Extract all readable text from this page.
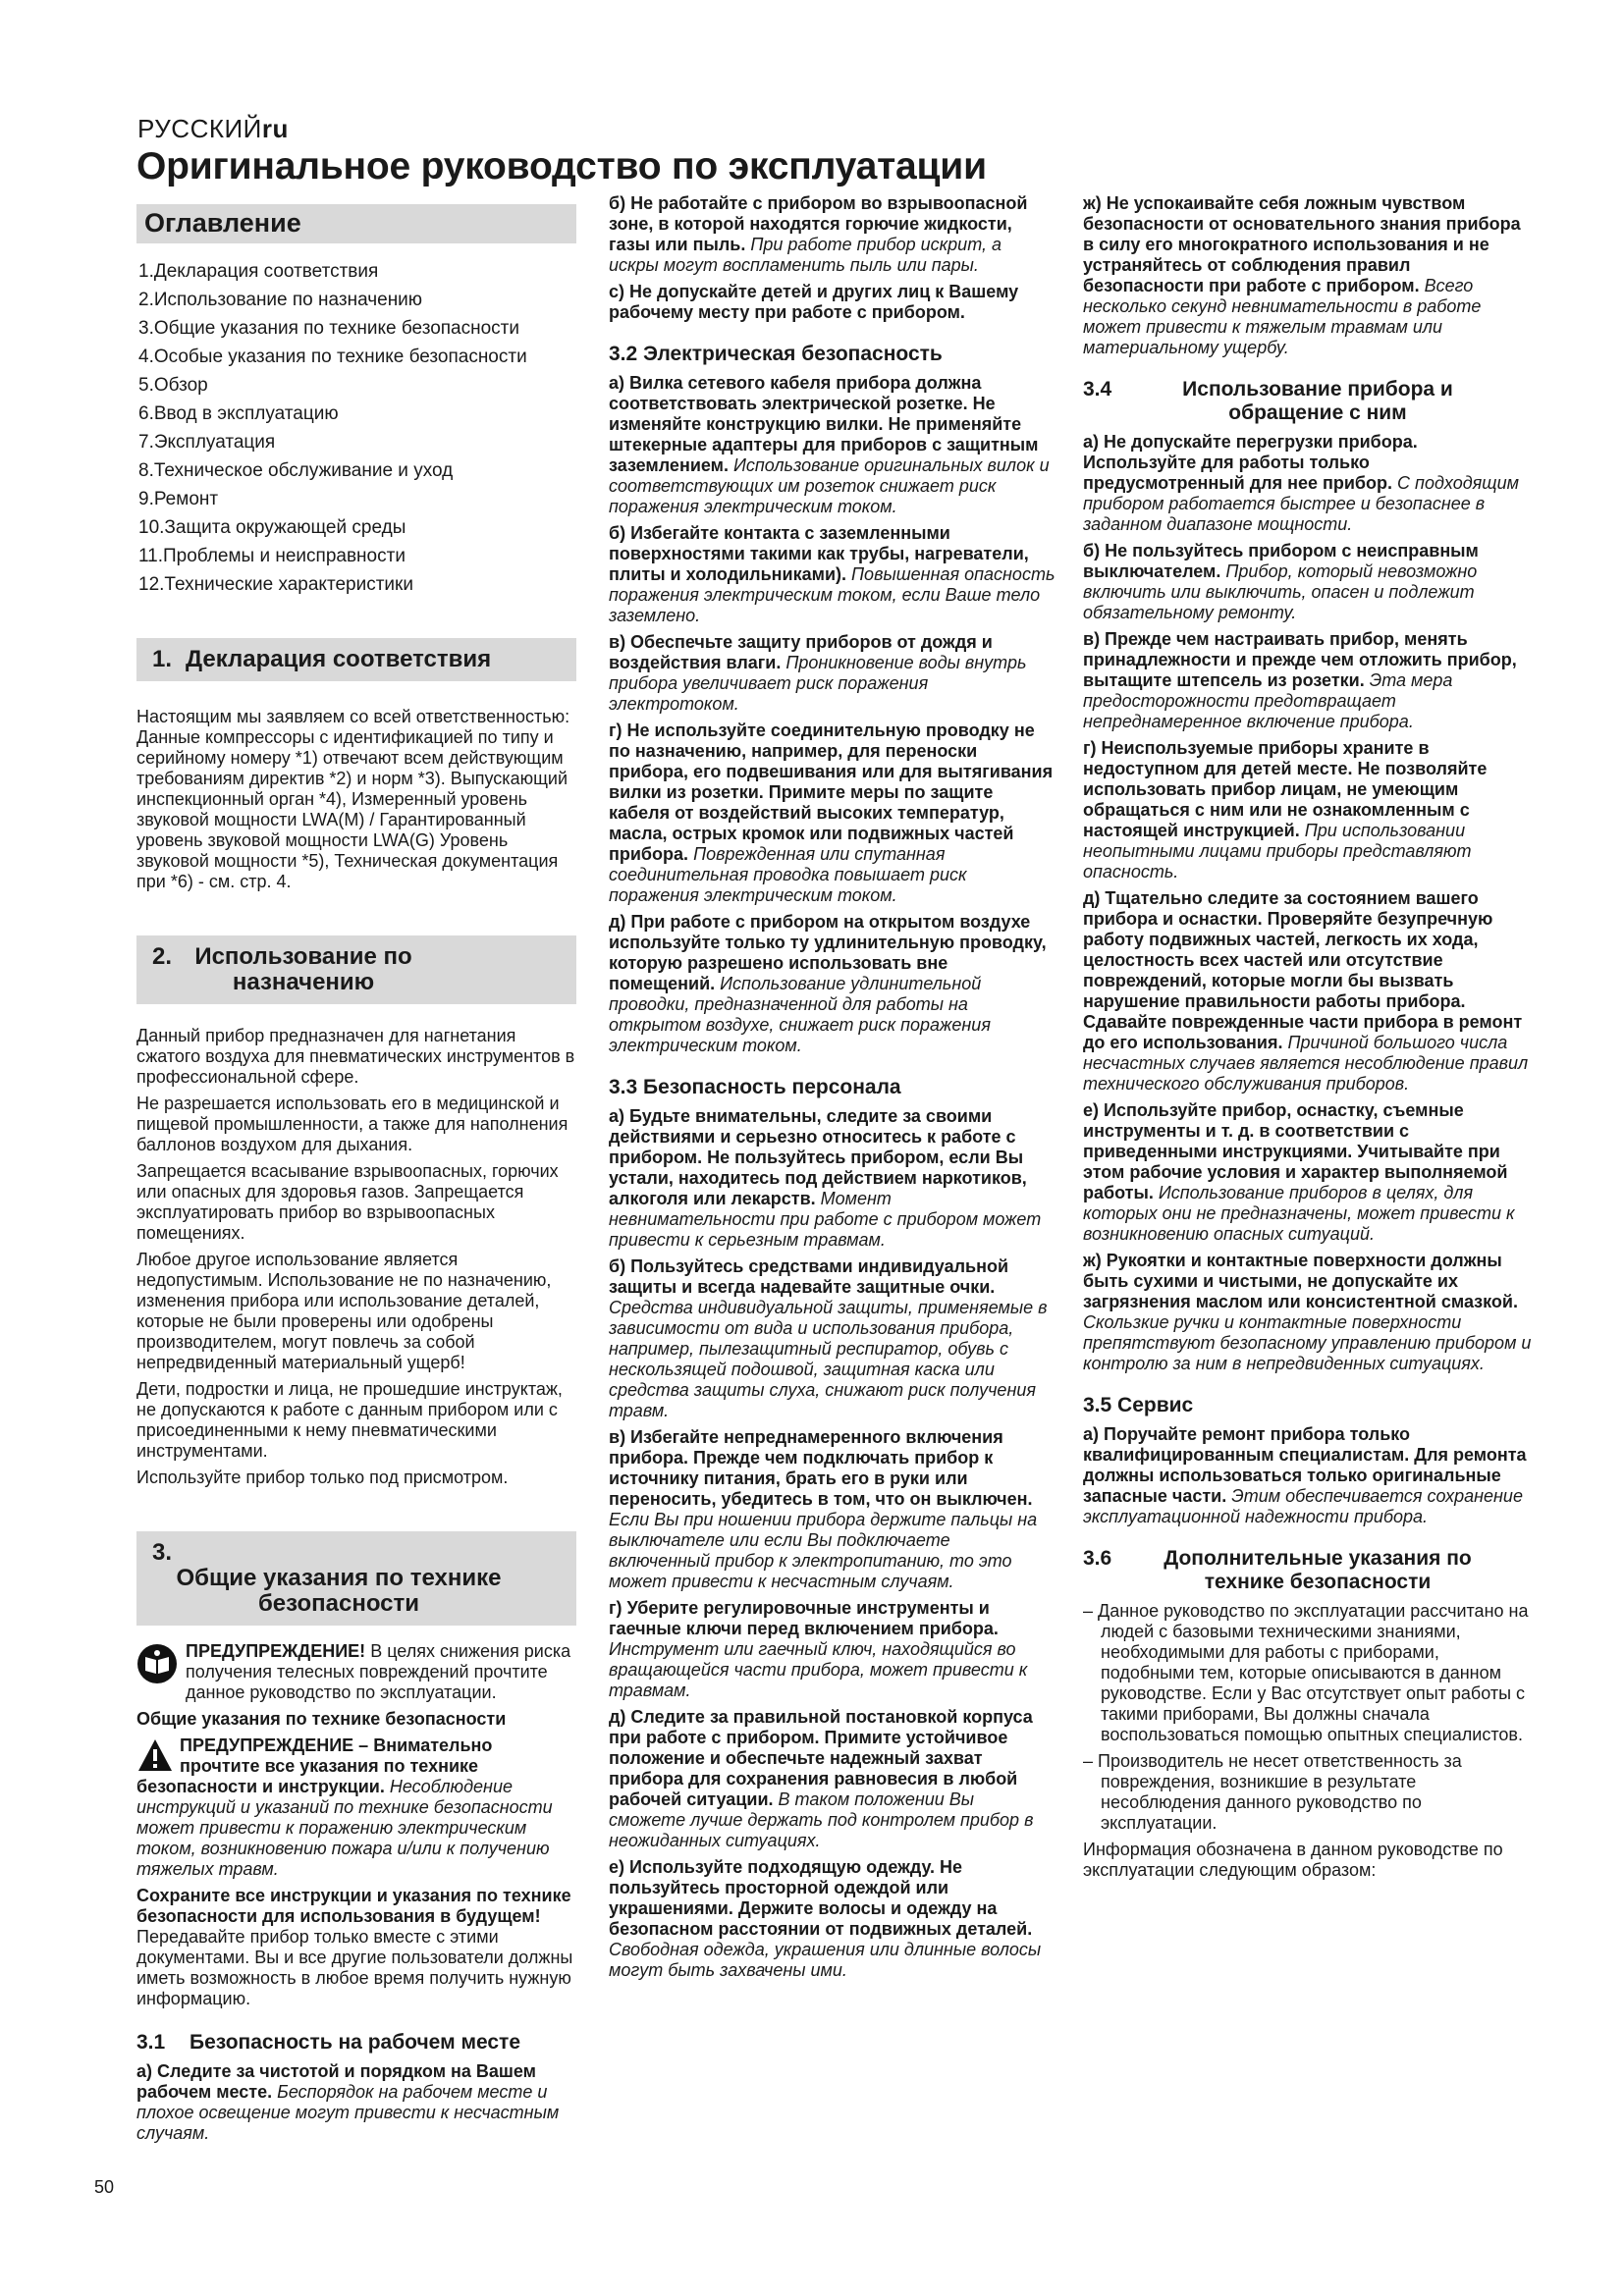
РУССКИЙru
Оригинальное руководство по эксплуатации
Оглавление
1.Декларация соответствия
2.Использование по назначению
3.Общие указания по технике безопасности
4.Особые указания по технике безопасности
5.Обзор
6.Ввод в эксплуатацию
7.Эксплуатация
8.Техническое обслуживание и уход
9.Ремонт
10.Защита окружающей среды
11.Проблемы и неисправности
12.Технические характеристики
1. Декларация соответствия

Настоящим мы заявляем со всей ответственностью: Данные компрессоры с идентификацией по типу и серийному номеру *1) отвечают всем действующим требованиям директив *2) и норм *3). Выпускающий инспекционный орган *4), Измеренный уровень звуковой мощности LWA(M) / Гарантированный уровень звуковой мощности LWA(G) Уровень звуковой мощности *5), Техническая документация при *6) - см. стр. 4.

2. Использование по назначению

Данный прибор предназначен для нагнетания сжатого воздуха для пневматических инструментов в профессиональной сфере.

Не разрешается использовать его в медицинской и пищевой промышленности, а также для наполнения баллонов воздухом для дыхания.

Запрещается всасывание взрывоопасных, горючих или опасных для здоровья газов. Запрещается эксплуатировать прибор во взрывоопасных помещениях.

Любое другое использование является недопустимым. Использование не по назначению, изменения прибора или использование деталей, которые не были проверены или одобрены производителем, могут повлечь за собой непредвиденный материальный ущерб!

Дети, подростки и лица, не прошедшие инструктаж, не допускаются к работе с данным прибором или с присоединенными к нему пневматическими инструментами.

Используйте прибор только под присмотром.

3.Общие указания по технике безопасности

ПРЕДУПРЕЖДЕНИЕ! В целях снижения риска получения телесных повреждений прочтите данное руководство по эксплуатации.

Общие указания по технике безопасности

ПРЕДУПРЕЖДЕНИЕ – Внимательно прочтите все указания по технике безопасности и инструкции. Несоблюдение инструкций и указаний по технике безопасности может привести к поражению электрическим током, возникновению пожара и/или к получению тяжелых травм.

Сохраните все инструкции и указания по технике безопасности для использования в будущем! Передавайте прибор только вместе с этими документами. Вы и все другие пользователи должны иметь возможность в любое время получить нужную информацию.

3.1 Безопасность на рабочем месте

а) Следите за чистотой и порядком на Вашем рабочем месте. Беспорядок на рабочем месте и плохое освещение могут привести к несчастным случаям.

б) Не работайте с прибором во взрывоопасной зоне, в которой находятся горючие жидкости, газы или пыль. При работе прибор искрит, а искры могут воспламенить пыль или пары.

с) Не допускайте детей и других лиц к Вашему рабочему месту при работе с прибором.

3.2 Электрическая безопасность

а) Вилка сетевого кабеля прибора должна соответствовать электрической розетке. Не изменяйте конструкцию вилки. Не применяйте штекерные адаптеры для приборов с защитным заземлением. Использование оригинальных вилок и соответствующих им розеток снижает риск поражения электрическим током.

б) Избегайте контакта с заземленными поверхностями такими как трубы, нагреватели, плиты и холодильниками). Повышенная опасность поражения электрическим током, если Ваше тело заземлено.

в) Обеспечьте защиту приборов от дождя и воздействия влаги. Проникновение воды внутрь прибора увеличивает риск поражения электротоком.

г) Не используйте соединительную проводку не по назначению, например, для переноски прибора, его подвешивания или для вытягивания вилки из розетки. Примите меры по защите кабеля от воздействий высоких температур, масла, острых кромок или подвижных частей прибора. Поврежденная или спутанная соединительная проводка повышает риск поражения электрическим током.

д) При работе с прибором на открытом воздухе используйте только ту удлинительную проводку, которую разрешено использовать вне помещений. Использование удлинительной проводки, предназначенной для работы на открытом воздухе, снижает риск поражения электрическим током.

3.3 Безопасность персонала

а) Будьте внимательны, следите за своими действиями и серьезно относитесь к работе с прибором. Не пользуйтесь прибором, если Вы устали, находитесь под действием наркотиков, алкоголя или лекарств. Момент невнимательности при работе с прибором может привести к серьезным травмам.

б) Пользуйтесь средствами индивидуальной защиты и всегда надевайте защитные очки. Средства индивидуальной защиты, применяемые в зависимости от вида и использования прибора, например, пылезащитный респиратор, обувь с нескользящей подошвой, защитная каска или средства защиты слуха, снижают риск получения травм.

в) Избегайте непреднамеренного включения прибора. Прежде чем подключать прибор к источнику питания, брать его в руки или переносить, убедитесь в том, что он выключен. Если Вы при ношении прибора держите пальцы на выключателе или если Вы подключаете включенный прибор к электропитанию, то это может привести к несчастным случаям.

г) Уберите регулировочные инструменты и гаечные ключи перед включением прибора. Инструмент или гаечный ключ, находящийся во вращающейся части прибора, может привести к травмам.

д) Следите за правильной постановкой корпуса при работе с прибором. Примите устойчивое положение и обеспечьте надежный захват прибора для сохранения равновесия в любой рабочей ситуации. В таком положении Вы сможете лучше держать под контролем прибор в неожиданных ситуациях.

е) Используйте подходящую одежду. Не пользуйтесь просторной одеждой или украшениями. Держите волосы и одежду на безопасном расстоянии от подвижных деталей. Свободная одежда, украшения или длинные волосы могут быть захвачены ими.

ж) Не успокаивайте себя ложным чувством безопасности от основательного знания прибора в силу его многократного использования и не устраняйтесь от соблюдения правил безопасности при работе с прибором. Всего несколько секунд невнимательности в работе может привести к тяжелым травмам или материальному ущербу.

3.4	Использование прибора и обращение с ним

а) Не допускайте перегрузки прибора. Используйте для работы только предусмотренный для нее прибор. С подходящим прибором работается быстрее и безопаснее в заданном диапазоне мощности.

б) Не пользуйтесь прибором с неисправным выключателем. Прибор, который невозможно включить или выключить, опасен и подлежит обязательному ремонту.

в) Прежде чем настраивать прибор, менять принадлежности и прежде чем отложить прибор, вытащите штепсель из розетки. Эта мера предосторожности предотвращает непреднамеренное включение прибора.

г) Неиспользуемые приборы храните в недоступном для детей месте. Не позволяйте использовать прибор лицам, не умеющим обращаться с ним или не ознакомленным с настоящей инструкцией. При использовании неопытными лицами приборы представляют опасность.

д) Тщательно следите за состоянием вашего прибора и оснастки. Проверяйте безупречную работу подвижных частей, легкость их хода, целостность всех частей или отсутствие повреждений, которые могли бы вызвать нарушение правильности работы прибора. Сдавайте поврежденные части прибора в ремонт до его использования. Причиной большого числа несчастных случаев является несоблюдение правил технического обслуживания приборов.

е) Используйте прибор, оснастку, съемные инструменты и т. д. в соответствии с приведенными инструкциями. Учитывайте при этом рабочие условия и характер выполняемой работы. Использование приборов в целях, для которых они не предназначены, может привести к возникновению опасных ситуаций.

ж) Рукоятки и контактные поверхности должны быть сухими и чистыми, не допускайте их загрязнения маслом или консистентной смазкой. Скользкие ручки и контактные поверхности препятствуют безопасному управлению прибором и контролю за ним в непредвиденных ситуациях.

3.5 Сервис

а) Поручайте ремонт прибора только квалифицированным специалистам. Для ремонта должны использоваться только оригинальные запасные части. Этим обеспечивается сохранение эксплуатационной надежности прибора.

3.6	Дополнительные указания по технике безопасности

– Данное руководство по эксплуатации рассчитано на людей с базовыми техническими знаниями, необходимыми для работы с приборами, подобными тем, которые описываются в данном руководстве. Если у Вас отсутствует опыт работы с такими приборами, Вы должны сначала воспользоваться помощью опытных специалистов.

– Производитель не несет ответственность за повреждения, возникшие в результате несоблюдения данного руководство по эксплуатации.

Информация обозначена в данном руководстве по эксплуатации следующим образом:

50
